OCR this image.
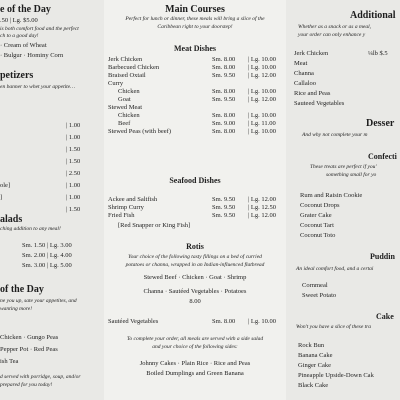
e of the Day
.50 | Lg. $5.00
is both comfort food and the perfect
ch to a good day!
· Cream of Wheat
· Bulgur · Hominy Corn
petizers
en banner to whet your appetite…
| 1.00
| 1.00
| 1.50
| 1.50
| 2.50
| 1.00
| 1.00
| 1.50
ole]
]
alads
ching addition to any meal!
Sm. 1.50 | Lg. 3.00
Sm. 2.00 | Lg. 4.00
Sm. 3.00 | Lg. 5.00
of the Day
ne you up, sate your appetites, and
wanting more!
Chicken · Gungo Peas
Pepper Pot · Red Peas
ish Tea
d served with porridge, soup, and/or
prepared for you today!
Main Courses
Perfect for lunch or dinner, these meals will bring a slice of the
Caribbean right to your doorstep!
Meat Dishes
Jerk Chicken	Sm. 8.00 | Lg. 10.00
Barbecued Chicken	Sm. 8.00 | Lg. 10.00
Braised Oxtail	Sm. 9.50 | Lg. 12.00
Curry
Chicken	Sm. 8.00 | Lg. 10.00
Goat	Sm. 9.50 | Lg. 12.00
Stewed Meat
Chicken	Sm. 8.00 | Lg. 10.00
Beef	Sm. 9.00 | Lg. 11.00
Stewed Peas (with beef)	Sm. 8.00 | Lg. 10.00
Seafood Dishes
Ackee and Saltfish	Sm. 9.50 | Lg. 12.00
Shrimp Curry	Sm. 9.50 | Lg. 12.50
Fried Fish	Sm. 9.50 | Lg. 12.00
[Red Snapper or King Fish]
Rotis
Your choice of the following tasty fillings on a bed of curried
potatoes or channa, wrapped in an Indian-influenced flatbread
Stewed Beef · Chicken · Goat · Shrimp
Channa · Sautéed Vegetables · Potatoes
8.00
Sautéed Vegetables	Sm. 8.00 | Lg. 10.00
To complete your order, all meals are served with a side salad
and your choice of the following sides:
Johnny Cakes · Plain Rice · Rice and Peas
Boiled Dumplings and Green Banana
Additional
Whether as a snack or as a meal,
your order can only enhance y
Jerk Chicken	¼lb $.5
Meat
Channa
Callaloo
Rice and Peas
Sauteed Vegetables
Desser
And why not complete your m
Confecti
These treats are perfect if you'
something small for yo
Rum and Raisin Cookie
Coconut Drops
Grater Cake
Coconut Tart
Coconut Toto
Puddin
An ideal comfort food, and a certai
Cornmeal
Sweet Potato
Cake
Won't you have a slice of these tra
Rock Bun
Banana Cake
Ginger Cake
Pineapple Upside-Down Cak
Black Cake
